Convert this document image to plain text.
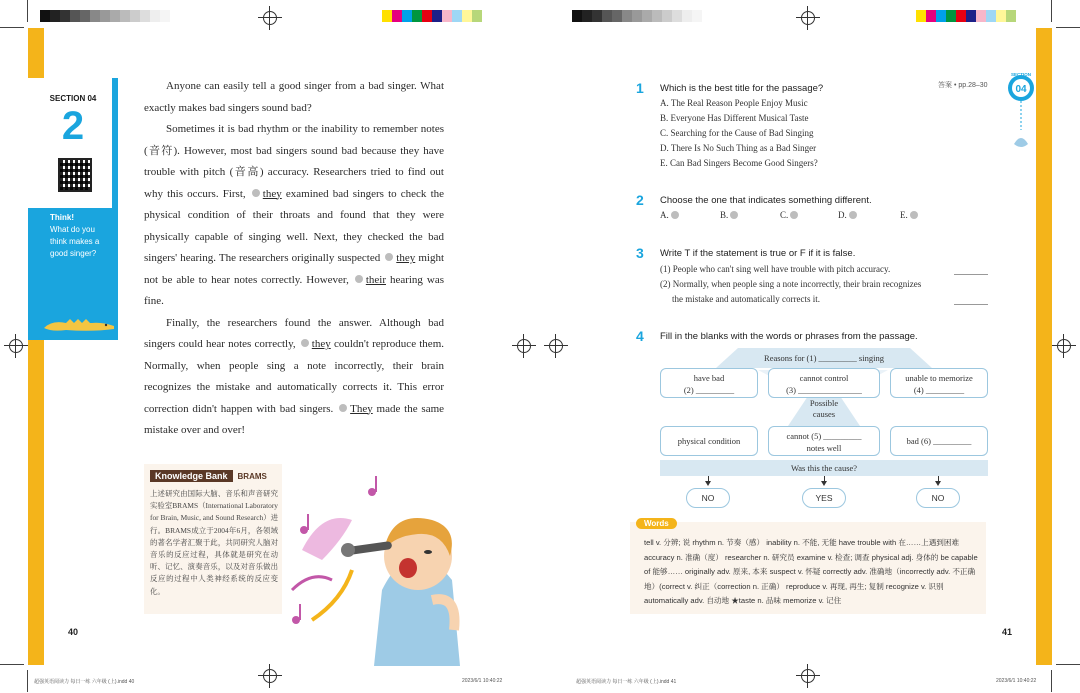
SECTION 04
2
Think!
What do you think makes a good singer?

Anyone can easily tell a good singer from a bad singer. What exactly makes bad singers sound bad?

Sometimes it is bad rhythm or the inability to remember notes (音符). However, most bad singers sound bad because they have trouble with pitch (音高) accuracy. Researchers tried to find out why this occurs. First, they examined bad singers to check the physical condition of their throats and found that they were physically capable of singing well. Next, they checked the bad singers' hearing. The researchers originally suspected they might not be able to hear notes correctly. However, their hearing was fine.

Finally, the researchers found the answer. Although bad singers could hear notes correctly, they couldn't reproduce them. Normally, when people sing a note incorrectly, their brain recognizes the mistake and automatically corrects it. This error correction didn't happen with bad singers. They made the same mistake over and over!

Knowledge Bank	BRAMS
上述研究由国际大脑、音乐和声音研究实验室BRAMS（International Laboratory for Brain, Music, and Sound Research）进行。BRAMS成立于2004年6月，各领域的著名学者汇聚于此，共同研究人脑对音乐的反应过程，具体就是研究在动听、记忆、演奏音乐，以及对音乐做出反应的过程中人类神经系统的反应变化。
40
超强英语阅读力 每日一练 六年级 (上).indd 40	2023/6/1 10:40:22
答案 • pp.28–30
SECTION
04
1 Which is the best title for the passage?
A. The Real Reason People Enjoy Music
B. Everyone Has Different Musical Taste
C. Searching for the Cause of Bad Singing
D. There Is No Such Thing as a Bad Singer
E. Can Bad Singers Become Good Singers?
2 Choose the one that indicates something different.
A.	B.	C.	D.	E.
3 Write T if the statement is true or F if it is false.
(1) People who can't sing well have trouble with pitch accuracy.
(2) Normally, when people sing a note incorrectly, their brain recognizes
the mistake and automatically corrects it.
4 Fill in the blanks with the words or phrases from the passage.
Reasons for (1) _________ singing
have bad
(2) _________
cannot control
(3) _______________
unable to memorize
(4) _________
Possible
causes
physical condition	cannot (5) _________
notes well
bad (6) _________
Was this the cause?
NO	YES	NO
Words
tell v. 分辨; 说 rhythm n. 节奏（感） inability n. 不能, 无能 have trouble with 在……上遇到困难 accuracy n. 准确（度） researcher n. 研究员 examine v. 检查; 调查 physical adj. 身体的 be capable of 能够…… originally adv. 原来, 本来 suspect v. 怀疑 correctly adv. 准确地（incorrectly adv. 不正确地）(correct v. 纠正（correction n. 正确） reproduce v. 再现, 再生; 复制 recognize v. 识别 automatically adv. 自动地 ★taste n. 品味 memorize v. 记住
41
超强英语阅读力 每日一练 六年级 (上).indd 41	2023/6/1 10:40:22
